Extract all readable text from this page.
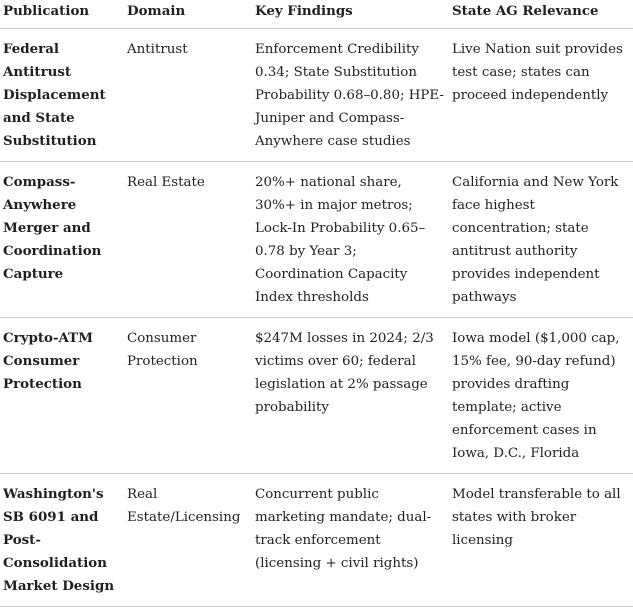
Publication	Domain	Key Findings	State AG Relevance
Federal Antitrust Displacement and State Substitution	Antitrust	Enforcement Credibility 0.34; State Substitution Probability 0.68–0.80; HPE-Juniper and Compass-Anywhere case studies	Live Nation suit provides test case; states can proceed independently
Compass-Anywhere Merger and Coordination Capture	Real Estate	20%+ national share, 30%+ in major metros; Lock-In Probability 0.65–0.78 by Year 3; Coordination Capacity Index thresholds	California and New York face highest concentration; state antitrust authority provides independent pathways
Crypto-ATM Consumer Protection	Consumer Protection	$247M losses in 2024; 2/3 victims over 60; federal legislation at 2% passage probability	Iowa model ($1,000 cap, 15% fee, 90-day refund) provides drafting template; active enforcement cases in Iowa, D.C., Florida
Washington's SB 6091 and Post-Consolidation Market Design	Real Estate/Licensing	Concurrent public marketing mandate; dual-track enforcement (licensing + civil rights)	Model transferable to all states with broker licensing
